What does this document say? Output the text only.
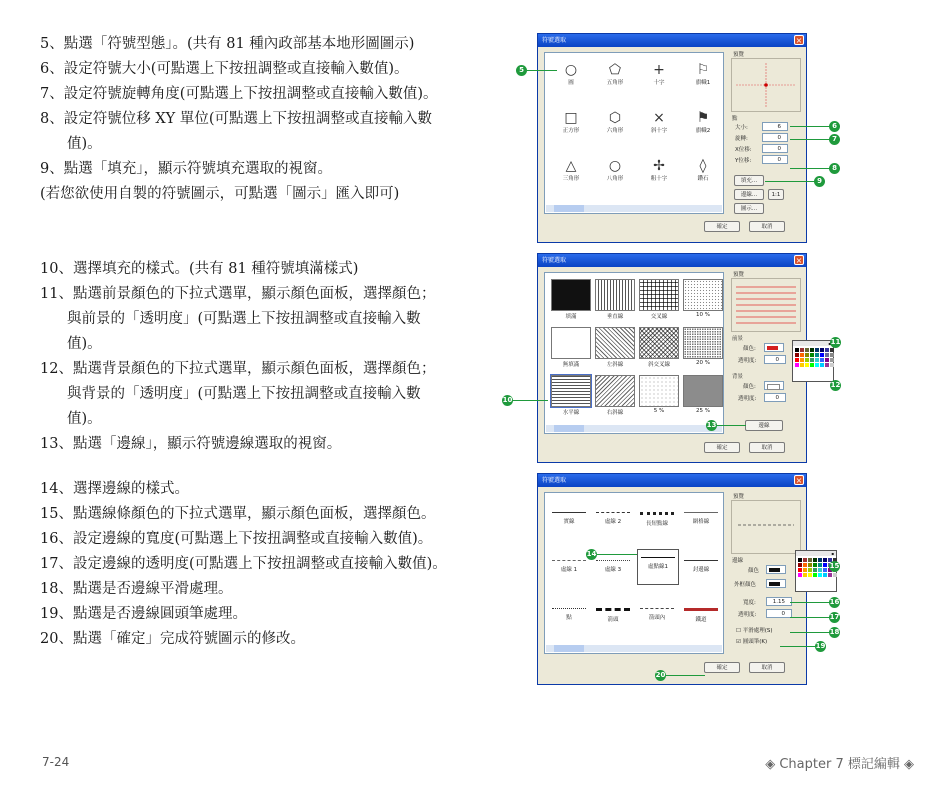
5、點選「符號型態」。(共有 81 種內政部基本地形圖圖示)
6、設定符號大小(可點選上下按扭調整或直接輸入數值)。
7、設定符號旋轉角度(可點選上下按扭調整或直接輸入數值)。
8、設定符號位移 XY 單位(可點選上下按扭調整或直接輸入數
值)。
9、點選「填充」，顯示符號填充選取的視窗。
(若您欲使用自製的符號圖示，可點選「圖示」匯入即可)
10、選擇填充的樣式。(共有 81 種符號填滿樣式)
11、點選前景顏色的下拉式選單，顯示顏色面板，選擇顏色；
與前景的「透明度」(可點選上下按扭調整或直接輸入數
值)。
12、點選背景顏色的下拉式選單，顯示顏色面板，選擇顏色；
與背景的「透明度」(可點選上下按扭調整或直接輸入數
值)。
13、點選「邊線」，顯示符號邊線選取的視窗。
14、選擇邊線的樣式。
15、點選線條顏色的下拉式選單，顯示顏色面板，選擇顏色。
16、設定邊線的寬度(可點選上下按扭調整或直接輸入數值)。
17、設定邊線的透明度(可點選上下按扭調整或直接輸入數值)。
18、點選是否邊線平滑處理。
19、點選是否邊線圓頭筆處理。
20、點選「確定」完成符號圖示的修改。
7-24	◈ Chapter 7 標記編輯 ◈
符號選取	×
○
圓
⬠
五角形
+
十字
⚐
旗幟1
□
正方形
⬡
六角形
×
斜十字
⚑
旗幟2
△
三角形
○
八角形
✢
粗十字
◊
鑽石
預覽
點
大小:	6
旋轉:	0
X位移:	0
Y位移:	0
填充...
邊線...	1:1
圖示...
確定	取消
符號選取	×
填滿	垂直線	交叉線	10 %
無填滿	左斜線	斜交叉線	20 %
水平線	右斜線	5 %	25 %
預覽
前景
顏色:
透明度:	0
背景
顏色:
透明度:	0
邊線
確定	取消
符號選取	×
實線	虛線 2	長短點線	網格線
虛線 1	虛線 3	虛點線1	封邊線
點	箭頭	箭頭內	鐵道
預覽
邊線
顏色
外框顏色
寬度:	1.15
透明度:	0
☐ 平滑處理(S)
☑ 圓頭筆(K)
確定	取消
▪
5
6
7
8
9
10
11
12
13
14
15
16
17
18
19
20
